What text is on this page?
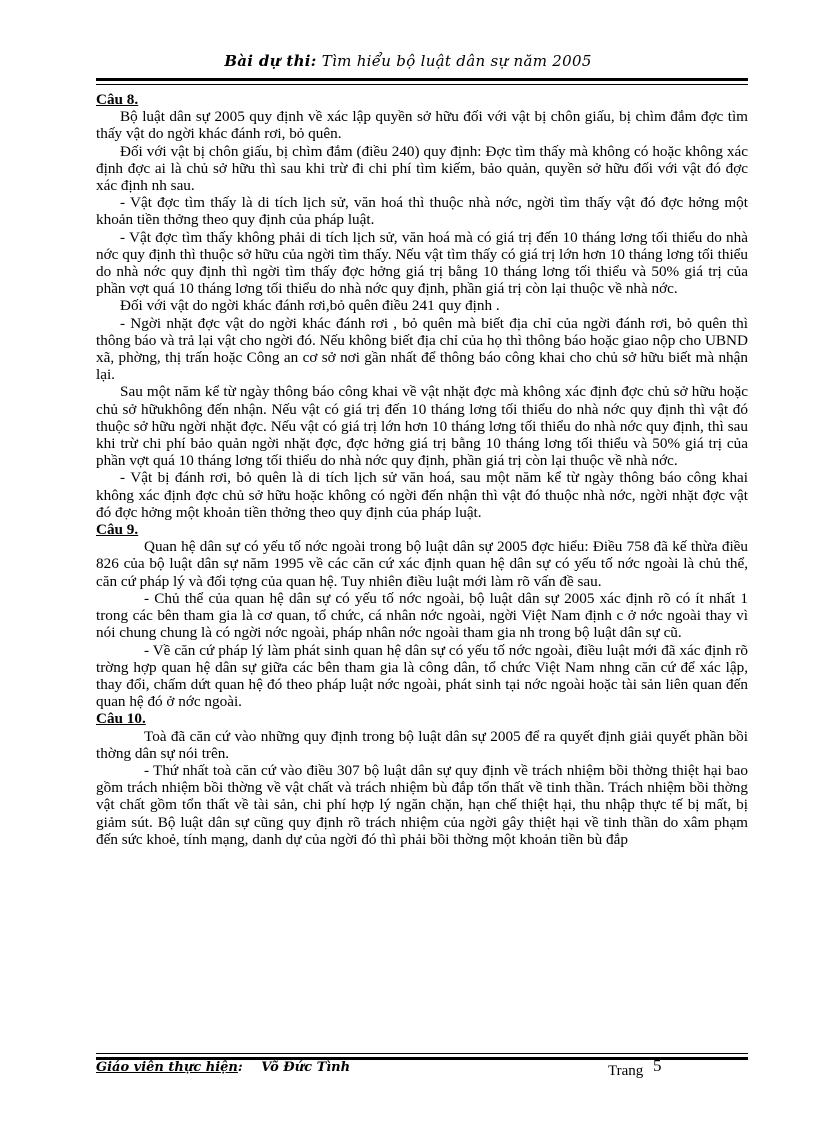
Bài dự thi: Tìm hiểu bộ luật dân sự năm 2005

Câu 8.

Bộ luật dân sự 2005 quy định về xác lập quyền sở hữu đối với vật bị chôn giấu, bị chìm đắm đợc tìm thấy vật do ngời khác đánh rơi, bỏ quên.

Đối với vật bị chôn giấu, bị chìm đắm (điều 240) quy định: Đợc tìm thấy mà không có hoặc không xác định đợc ai là chủ sở hữu thì sau khi trừ đi chi phí tìm kiếm, bảo quản, quyền sở hữu đối với vật đó đợc xác định nh sau.

- Vật đợc tìm thấy là di tích lịch sử, văn hoá thì thuộc nhà nớc, ngời tìm thấy vật đó đợc hởng một khoản tiền thởng theo quy định của pháp luật.

- Vật đợc tìm thấy không phải di tích lịch sử, văn hoá mà có giá trị đến 10 tháng lơng tối thiểu do nhà nớc quy định thì thuộc sở hữu của ngời tìm thấy. Nếu vật tìm thấy có giá trị lớn hơn 10 tháng lơng tối thiểu do nhà nớc quy định thì ngời tìm thấy đợc hởng giá trị bằng 10 tháng lơng tối thiểu và 50% giá trị của phần vợt quá 10 tháng lơng tối thiểu do nhà nớc quy định, phần giá trị còn lại thuộc về nhà nớc.

Đối với vật do ngời khác đánh rơi,bỏ quên điều 241 quy định .

- Ngời nhặt đợc vật do ngời khác đánh rơi , bỏ quên mà biết địa chỉ của ngời đánh rơi, bỏ quên thì thông báo và trả lại vật cho ngời đó. Nếu không biết địa chỉ của họ thì thông báo hoặc giao nộp cho UBND xã, phờng, thị trấn hoặc Công an cơ sở nơi gần nhất để thông báo công khai cho chủ sở hữu biết mà nhận lại.

Sau một năm kể từ ngày thông báo công khai về vật nhặt đợc mà không xác định đợc chủ sở hữu hoặc chủ sở hữukhông đến nhận. Nếu vật có giá trị đến 10 tháng lơng tối thiểu do nhà nớc quy định thì vật đó thuộc sở hữu ngời nhặt đợc. Nếu vật có giá trị lớn hơn 10 tháng lơng tối thiểu do nhà nớc quy định, thì sau khi trừ chi phí bảo quản ngời nhặt đợc, đợc hởng giá trị bằng 10 tháng lơng tối thiểu và 50% giá trị của phần vợt quá 10 tháng lơng tối thiểu do nhà nớc quy định, phần giá trị còn lại thuộc về nhà nớc.

- Vật bị đánh rơi, bỏ quên là di tích lịch sử văn hoá, sau một năm kể từ ngày thông báo công khai không xác định đợc chủ sở hữu hoặc không có ngời đến nhận thì vật đó thuộc nhà nớc, ngời nhặt đợc vật đó đợc hởng một khoản tiền thởng theo quy định của pháp luật.

Câu 9.

Quan hệ dân sự có yếu tố nớc ngoài trong bộ luật dân sự 2005 đợc hiểu: Điều 758 đã kế thừa điều 826 của bộ luật dân sự năm 1995 về các căn cứ xác định quan hệ dân sự có yếu tố nớc ngoài là chủ thể, căn cứ pháp lý và đối tợng của quan hệ. Tuy nhiên điều luật mới làm rõ vấn đề sau.

- Chủ thể của quan hệ dân sự có yếu tố nớc ngoài, bộ luật dân sự 2005 xác định rõ có ít nhất 1 trong các bên tham gia là cơ quan, tổ chức, cá nhân nớc ngoài, ngời Việt Nam định c ở nớc ngoài thay vì nói chung chung là có ngời nớc ngoài, pháp nhân nớc ngoài tham gia nh trong bộ luật dân sự cũ.

- Về căn cứ pháp lý làm phát sinh quan hệ dân sự có yếu tố nớc ngoài, điều luật mới đã xác định rõ trờng hợp quan hệ dân sự giữa các bên tham gia là công dân, tổ chức Việt Nam nhng căn cứ để xác lập, thay đổi, chấm dứt quan hệ đó theo pháp luật nớc ngoài, phát sinh tại nớc ngoài hoặc tài sản liên quan đến quan hệ đó ở nớc ngoài.

Câu 10.

Toà đã căn cứ vào những quy định trong bộ luật dân sự 2005 để ra quyết định giải quyết phần bồi thờng dân sự nói trên.

- Thứ nhất toà căn cứ vào điều 307 bộ luật dân sự quy định về trách nhiệm bồi thờng thiệt hại bao gồm trách nhiệm bồi thờng về vật chất và trách nhiệm bù đắp tổn thất về tinh thần. Trách nhiệm bồi thờng vật chất gồm tổn thất về tài sản, chi phí hợp lý ngăn chặn, hạn chế thiệt hại, thu nhập thực tế bị mất, bị giảm sút. Bộ luật dân sự cũng quy định rõ trách nhiệm của ngời gây thiệt hại về tinh thần do xâm phạm đến sức khoẻ, tính mạng, danh dự của ngời đó thì phải bồi thờng một khoản tiền bù đắp

Giáo viên thực hiện: Võ Đức Tình	Trang 5
